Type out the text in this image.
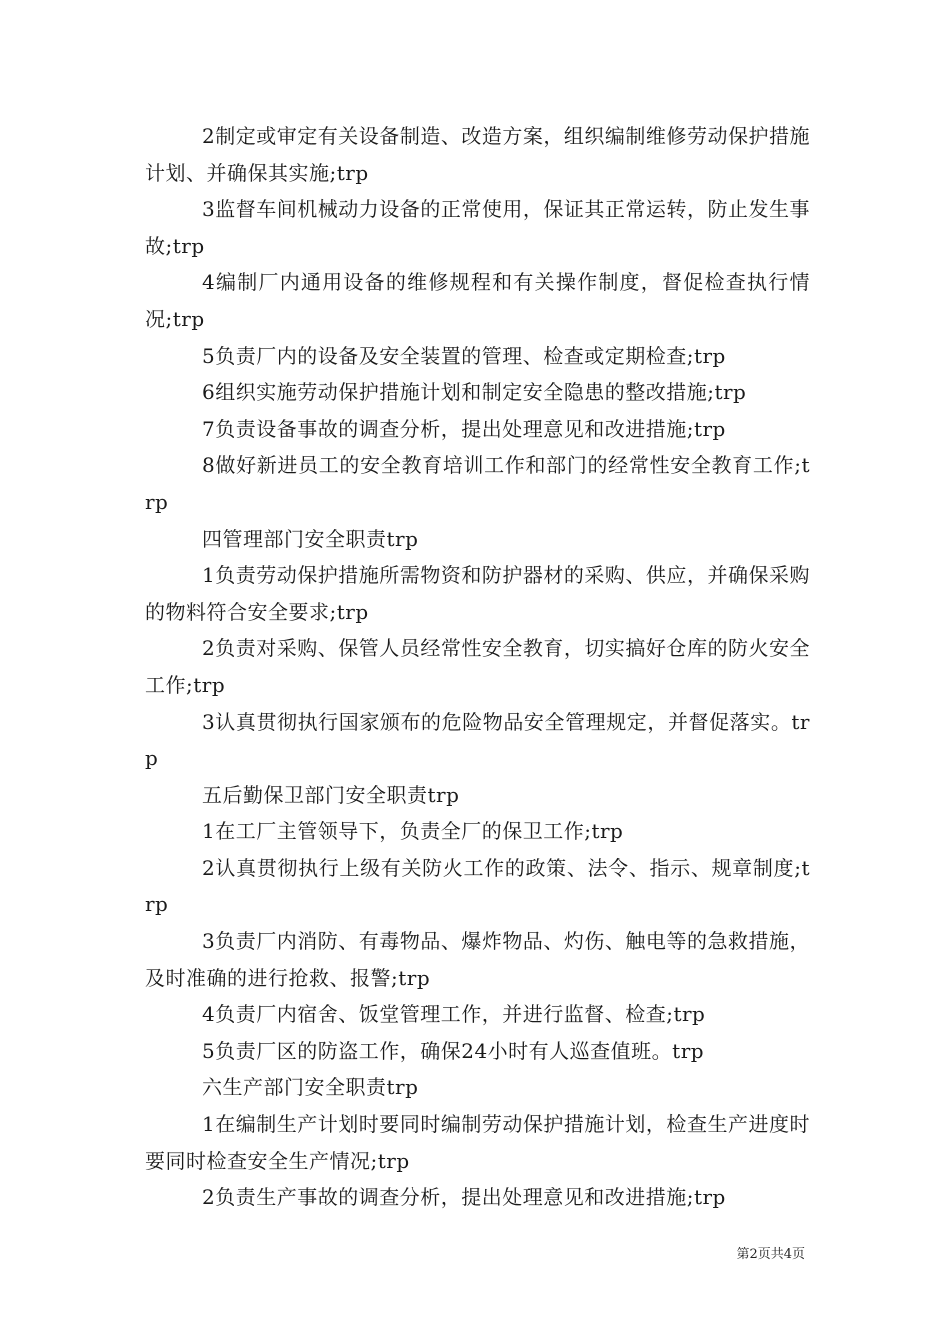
2制定或审定有关设备制造、改造方案，组织编制维修劳动保护措施计划、并确保其实施;trp

3监督车间机械动力设备的正常使用，保证其正常运转，防止发生事故;trp

4编制厂内通用设备的维修规程和有关操作制度，督促检查执行情况;trp

5负责厂内的设备及安全装置的管理、检查或定期检查;trp

6组织实施劳动保护措施计划和制定安全隐患的整改措施;trp

7负责设备事故的调查分析，提出处理意见和改进措施;trp

8做好新进员工的安全教育培训工作和部门的经常性安全教育工作;trp

四管理部门安全职责trp

1负责劳动保护措施所需物资和防护器材的采购、供应，并确保采购的物料符合安全要求;trp

2负责对采购、保管人员经常性安全教育，切实搞好仓库的防火安全工作;trp

3认真贯彻执行国家颁布的危险物品安全管理规定，并督促落实。trp

五后勤保卫部门安全职责trp

1在工厂主管领导下，负责全厂的保卫工作;trp

2认真贯彻执行上级有关防火工作的政策、法令、指示、规章制度;trp

3负责厂内消防、有毒物品、爆炸物品、灼伤、触电等的急救措施，及时准确的进行抢救、报警;trp

4负责厂内宿舍、饭堂管理工作，并进行监督、检查;trp

5负责厂区的防盗工作，确保24小时有人巡查值班。trp

六生产部门安全职责trp

1在编制生产计划时要同时编制劳动保护措施计划，检查生产进度时要同时检查安全生产情况;trp

2负责生产事故的调查分析，提出处理意见和改进措施;trp

第2页共4页
